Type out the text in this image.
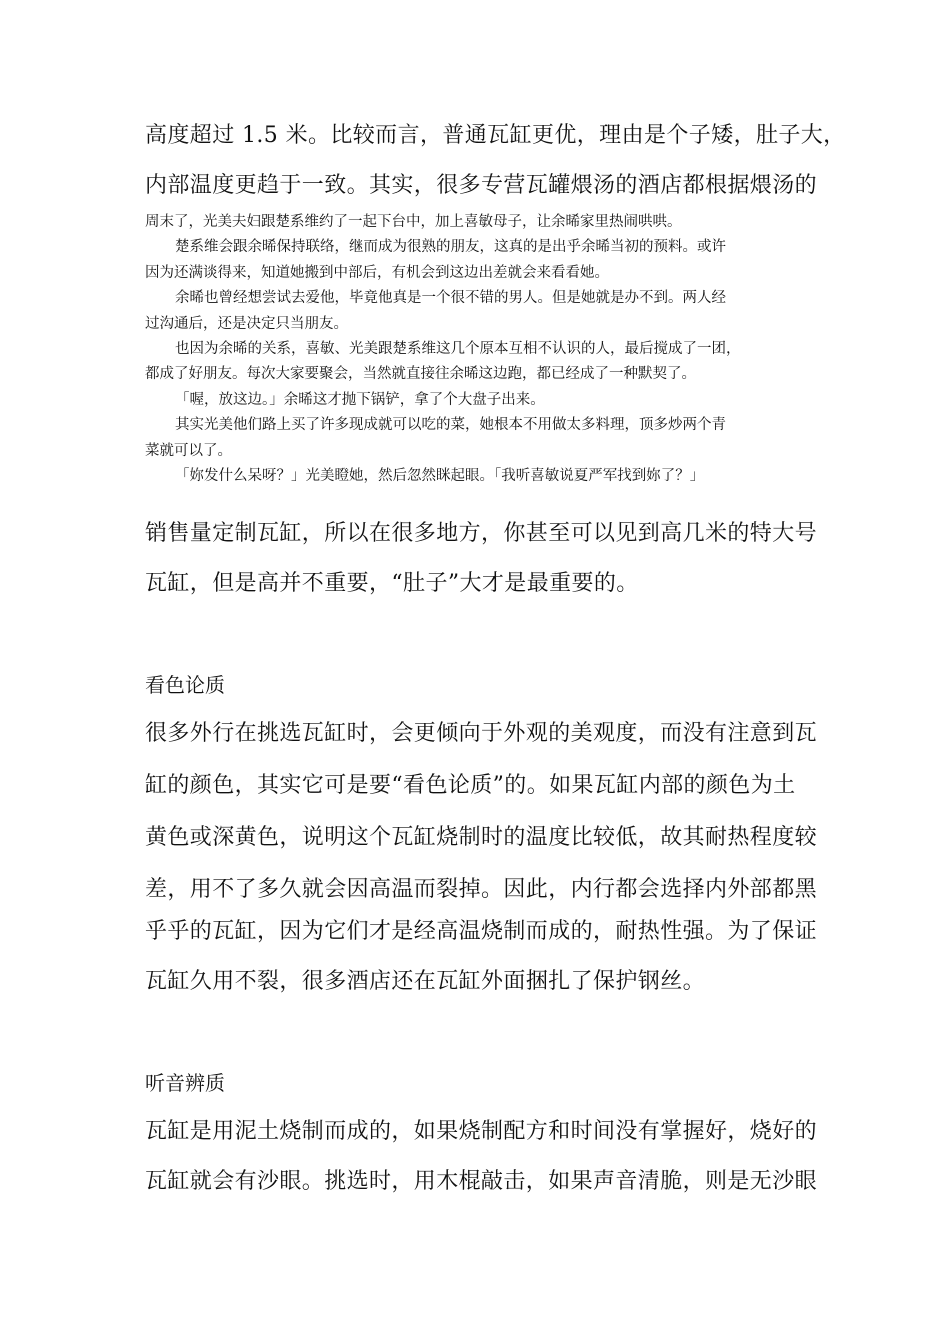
高度超过 1.5 米。比较而言，普通瓦缸更优，理由是个子矮，肚子大，
内部温度更趋于一致。其实，很多专营瓦罐煨汤的酒店都根据煨汤的
周末了，光美夫妇跟楚系维约了一起下台中，加上喜敏母子，让余晞家里热闹哄哄。
楚系维会跟余晞保持联络，继而成为很熟的朋友，这真的是出乎余晞当初的预料。或许
因为还满谈得来，知道她搬到中部后，有机会到这边出差就会来看看她。
余晞也曾经想尝试去爱他，毕竟他真是一个很不错的男人。但是她就是办不到。两人经
过沟通后，还是决定只当朋友。
也因为余晞的关系，喜敏、光美跟楚系维这几个原本互相不认识的人，最后搅成了一团，
都成了好朋友。每次大家要聚会，当然就直接往余晞这边跑，都已经成了一种默契了。
「喔，放这边。」余晞这才抛下锅铲，拿了个大盘子出来。
其实光美他们路上买了许多现成就可以吃的菜，她根本不用做太多料理，顶多炒两个青
菜就可以了。
「妳发什么呆呀？」光美瞪她，然后忽然眯起眼。「我听喜敏说夏严军找到妳了？」
销售量定制瓦缸，所以在很多地方，你甚至可以见到高几米的特大号
瓦缸，但是高并不重要，“肚子”大才是最重要的。
看色论质
很多外行在挑选瓦缸时，会更倾向于外观的美观度，而没有注意到瓦
缸的颜色，其实它可是要“看色论质”的。如果瓦缸内部的颜色为土
黄色或深黄色，说明这个瓦缸烧制时的温度比较低，故其耐热程度较
差，用不了多久就会因高温而裂掉。因此，内行都会选择内外部都黑
乎乎的瓦缸，因为它们才是经高温烧制而成的，耐热性强。为了保证
瓦缸久用不裂，很多酒店还在瓦缸外面捆扎了保护钢丝。
听音辨质
瓦缸是用泥土烧制而成的，如果烧制配方和时间没有掌握好，烧好的
瓦缸就会有沙眼。挑选时，用木棍敲击，如果声音清脆，则是无沙眼
